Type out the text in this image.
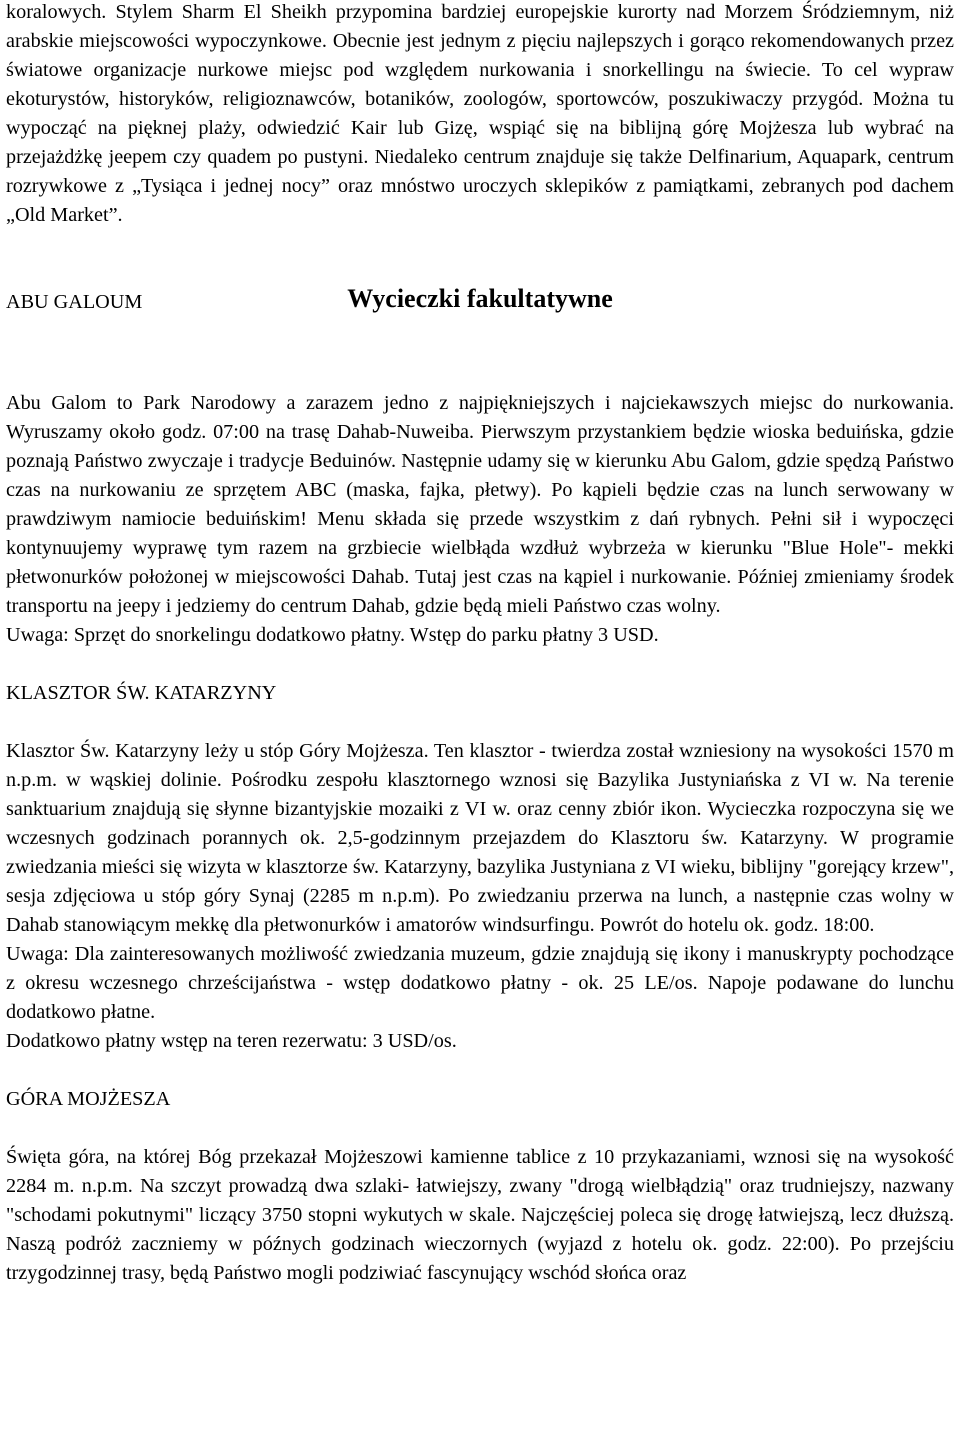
koralowych. Stylem Sharm El Sheikh przypomina bardziej europejskie kurorty nad Morzem Śródziemnym, niż arabskie miejscowości wypoczynkowe. Obecnie jest jednym z pięciu najlepszych i gorąco rekomendowanych przez światowe organizacje nurkowe miejsc pod względem nurkowania i snorkellingu na świecie. To cel wypraw ekoturystów, historyków, religioznawców, botaników, zoologów, sportowców, poszukiwaczy przygód. Można tu wypocząć na pięknej plaży, odwiedzić Kair lub Gizę, wspiąć się na biblijną górę Mojżesza lub wybrać na przejażdżkę jeepem czy quadem po pustyni. Niedaleko centrum znajduje się także Delfinarium, Aquapark, centrum rozrywkowe z „Tysiąca i jednej nocy” oraz mnóstwo uroczych sklepików z pamiątkami, zebranych pod dachem „Old Market”.

Wycieczki fakultatywne
ABU GALOUM

Abu Galom to Park Narodowy a zarazem jedno z najpiękniejszych i najciekawszych miejsc do nurkowania. Wyruszamy około godz. 07:00 na trasę Dahab-Nuweiba. Pierwszym przystankiem będzie wioska beduińska, gdzie poznają Państwo zwyczaje i tradycje Beduinów. Następnie udamy się w kierunku Abu Galom, gdzie spędzą Państwo czas na nurkowaniu ze sprzętem ABC (maska, fajka, płetwy). Po kąpieli będzie czas na lunch serwowany w prawdziwym namiocie beduińskim! Menu składa się przede wszystkim z dań rybnych. Pełni sił i wypoczęci kontynuujemy wyprawę tym razem na grzbiecie wielbłąda wzdłuż wybrzeża w kierunku "Blue Hole"- mekki płetwonurków położonej w miejscowości Dahab. Tutaj jest czas na kąpiel i nurkowanie. Później zmieniamy środek transportu na jeepy i jedziemy do centrum Dahab, gdzie będą mieli Państwo czas wolny.

Uwaga: Sprzęt do snorkelingu dodatkowo płatny. Wstęp do parku płatny 3 USD.

KLASZTOR ŚW. KATARZYNY

Klasztor Św. Katarzyny leży u stóp Góry Mojżesza. Ten klasztor - twierdza został wzniesiony na wysokości 1570 m n.p.m. w wąskiej dolinie. Pośrodku zespołu klasztornego wznosi się Bazylika Justyniańska z VI w. Na terenie sanktuarium znajdują się słynne bizantyjskie mozaiki z VI w. oraz cenny zbiór ikon. Wycieczka rozpoczyna się we wczesnych godzinach porannych ok. 2,5-godzinnym przejazdem do Klasztoru św. Katarzyny. W programie zwiedzania mieści się wizyta w klasztorze św. Katarzyny, bazylika Justyniana z VI wieku, biblijny "gorejący krzew", sesja zdjęciowa u stóp góry Synaj (2285 m n.p.m). Po zwiedzaniu przerwa na lunch, a następnie czas wolny w Dahab stanowiącym mekkę dla płetwonurków i amatorów windsurfingu. Powrót do hotelu ok. godz. 18:00.

Uwaga: Dla zainteresowanych możliwość zwiedzania muzeum, gdzie znajdują się ikony i manuskrypty pochodzące z okresu wczesnego chrześcijaństwa - wstęp dodatkowo płatny - ok. 25 LE/os. Napoje podawane do lunchu dodatkowo płatne.

Dodatkowo płatny wstęp na teren rezerwatu: 3 USD/os.

GÓRA MOJŻESZA

Święta góra, na której Bóg przekazał Mojżeszowi kamienne tablice z 10 przykazaniami, wznosi się na wysokość 2284 m. n.p.m. Na szczyt prowadzą dwa szlaki- łatwiejszy, zwany "drogą wielbłądzią" oraz trudniejszy, nazwany "schodami pokutnymi" liczący 3750 stopni wykutych w skale. Najczęściej poleca się drogę łatwiejszą, lecz dłuższą. Naszą podróż zaczniemy w późnych godzinach wieczornych (wyjazd z hotelu ok. godz. 22:00). Po przejściu trzygodzinnej trasy, będą Państwo mogli podziwiać fascynujący wschód słońca oraz
